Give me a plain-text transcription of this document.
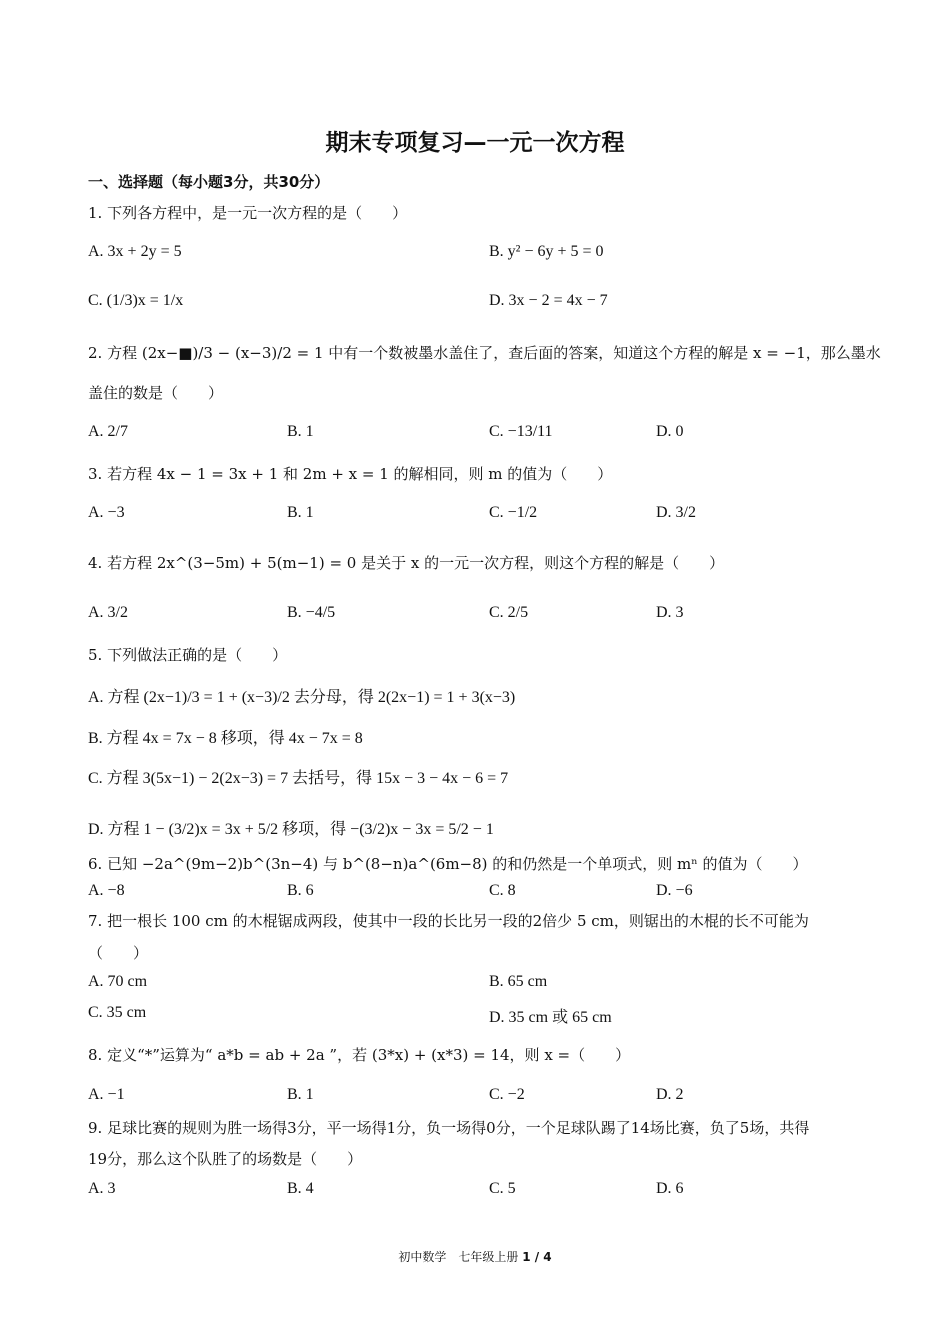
期末专项复习—一元一次方程
一、选择题（每小题3分，共30分）
1. 下列各方程中，是一元一次方程的是（　　）
A. 3x + 2y = 5	B. y² − 6y + 5 = 0
C. (1/3)x = 1/x	D. 3x − 2 = 4x − 7
2. 方程 (2x−■)/3 − (x−3)/2 = 1 中有一个数被墨水盖住了，查后面的答案，知道这个方程的解是 x = −1，那么墨水
盖住的数是（　　）
A. 2/7	B. 1	C. −13/11	D. 0
3. 若方程 4x − 1 = 3x + 1 和 2m + x = 1 的解相同，则 m 的值为（　　）
A. −3	B. 1	C. −1/2	D. 3/2
4. 若方程 2x^(3−5m) + 5(m−1) = 0 是关于 x 的一元一次方程，则这个方程的解是（　　）
A. 3/2	B. −4/5	C. 2/5	D. 3
5. 下列做法正确的是（　　）
A. 方程 (2x−1)/3 = 1 + (x−3)/2 去分母，得 2(2x−1) = 1 + 3(x−3)
B. 方程 4x = 7x − 8 移项，得 4x − 7x = 8
C. 方程 3(5x−1) − 2(2x−3) = 7 去括号，得 15x − 3 − 4x − 6 = 7
D. 方程 1 − (3/2)x = 3x + 5/2 移项，得 −(3/2)x − 3x = 5/2 − 1
6. 已知 −2a^(9m−2)b^(3n−4) 与 b^(8−n)a^(6m−8) 的和仍然是一个单项式，则 mⁿ 的值为（　　）
A. −8	B. 6	C. 8	D. −6
7. 把一根长 100 cm 的木棍锯成两段，使其中一段的长比另一段的2倍少 5 cm，则锯出的木棍的长不可能为
（　　）
A. 70 cm	B. 65 cm
C. 35 cm	D. 35 cm 或 65 cm
8. 定义“*”运算为“ a*b = ab + 2a ”，若 (3*x) + (x*3) = 14，则 x =（　　）
A. −1	B. 1	C. −2	D. 2
9. 足球比赛的规则为胜一场得3分，平一场得1分，负一场得0分，一个足球队踢了14场比赛，负了5场，共得
19分，那么这个队胜了的场数是（　　）
A. 3	B. 4	C. 5	D. 6
初中数学　七年级上册 1 / 4
